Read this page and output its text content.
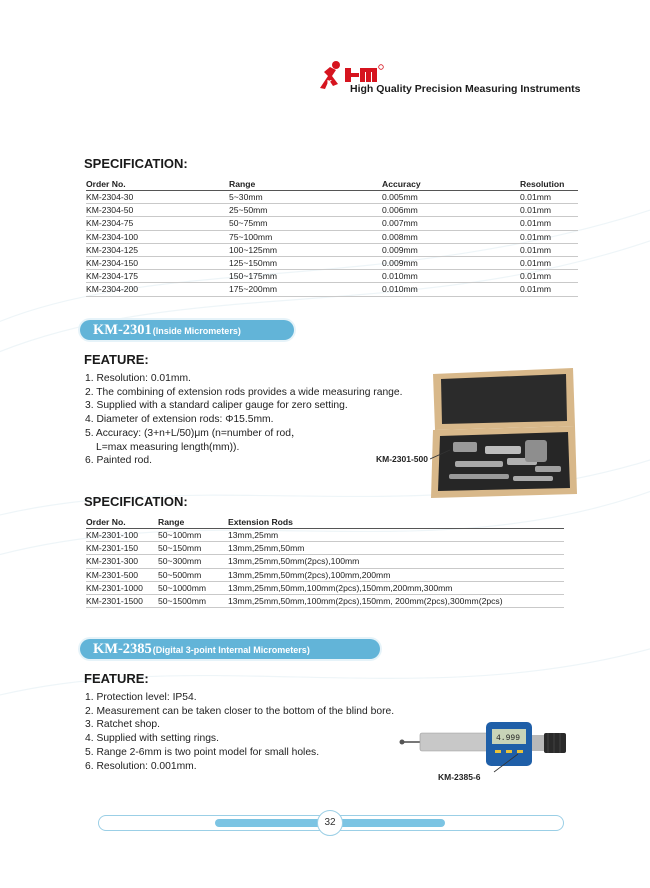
K High Quality Precision Measuring Instruments
SPECIFICATION:
Order No.	Range	Accuracy	Resolution
KM-2304-30	5~30mm	0.005mm	0.01mm
KM-2304-50	25~50mm	0.006mm	0.01mm
KM-2304-75	50~75mm	0.007mm	0.01mm
KM-2304-100	75~100mm	0.008mm	0.01mm
KM-2304-125	100~125mm	0.009mm	0.01mm
KM-2304-150	125~150mm	0.009mm	0.01mm
KM-2304-175	150~175mm	0.010mm	0.01mm
KM-2304-200	175~200mm	0.010mm	0.01mm
KM-2301 (Inside Micrometers)
FEATURE:
1. Resolution: 0.01mm.
2. The combining of extension rods provides a wide measuring range.
3. Supplied with a standard caliper gauge for zero setting.
4. Diameter of extension rods: Φ15.5mm.
5. Accuracy: (3+n+L/50)μm (n=number of rod，
L=max measuring length(mm)).
6. Painted rod.	KM-2301-500
SPECIFICATION:
Order No.	Range	Extension Rods
KM-2301-100	50~100mm	13mm,25mm
KM-2301-150	50~150mm	13mm,25mm,50mm
KM-2301-300	50~300mm	13mm,25mm,50mm(2pcs),100mm
KM-2301-500	50~500mm	13mm,25mm,50mm(2pcs),100mm,200mm
KM-2301-1000	50~1000mm	13mm,25mm,50mm,100mm(2pcs),150mm,200mm,300mm
KM-2301-1500	50~1500mm	13mm,25mm,50mm,100mm(2pcs),150mm, 200mm(2pcs),300mm(2pcs)
KM-2385 (Digital 3-point Internal Micrometers)
FEATURE:
1. Protection level: IP54.
2. Measurement can be taken closer to the bottom of the blind bore.
3. Ratchet shop.
4. Supplied with setting rings.
5. Range 2-6mm is two point model for small holes.
6. Resolution: 0.001mm.
4.999
KM-2385-6
32
